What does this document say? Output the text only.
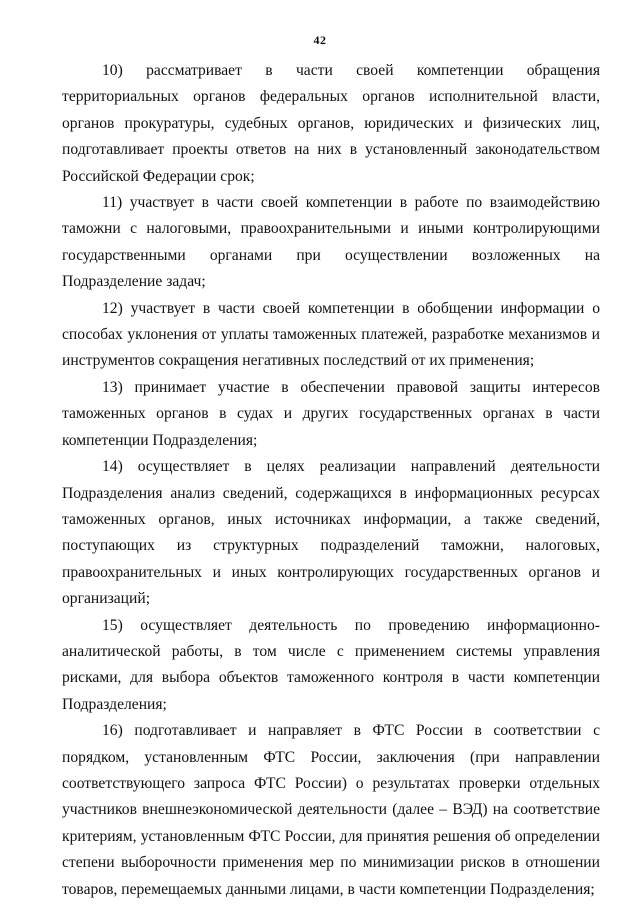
42

10) рассматривает в части своей компетенции обращения территориальных органов федеральных органов исполнительной власти, органов прокуратуры, судебных органов, юридических и физических лиц, подготавливает проекты ответов на них в установленный законодательством Российской Федерации срок;

11) участвует в части своей компетенции в работе по взаимодействию таможни с налоговыми, правоохранительными и иными контролирующими государственными органами при осуществлении возложенных на Подразделение задач;

12) участвует в части своей компетенции в обобщении информации о способах уклонения от уплаты таможенных платежей, разработке механизмов и инструментов сокращения негативных последствий от их применения;

13) принимает участие в обеспечении правовой защиты интересов таможенных органов в судах и других государственных органах в части компетенции Подразделения;

14) осуществляет в целях реализации направлений деятельности Подразделения анализ сведений, содержащихся в информационных ресурсах таможенных органов, иных источниках информации, а также сведений, поступающих из структурных подразделений таможни, налоговых, правоохранительных и иных контролирующих государственных органов и организаций;

15) осуществляет деятельность по проведению информационно-аналитической работы, в том числе с применением системы управления рисками, для выбора объектов таможенного контроля в части компетенции Подразделения;

16) подготавливает и направляет в ФТС России в соответствии с порядком, установленным ФТС России, заключения (при направлении соответствующего запроса ФТС России) о результатах проверки отдельных участников внешнеэкономической деятельности (далее – ВЭД) на соответствие критериям, установленным ФТС России, для принятия решения об определении степени выборочности применения мер по минимизации рисков в отношении товаров, перемещаемых данными лицами, в части компетенции Подразделения;
